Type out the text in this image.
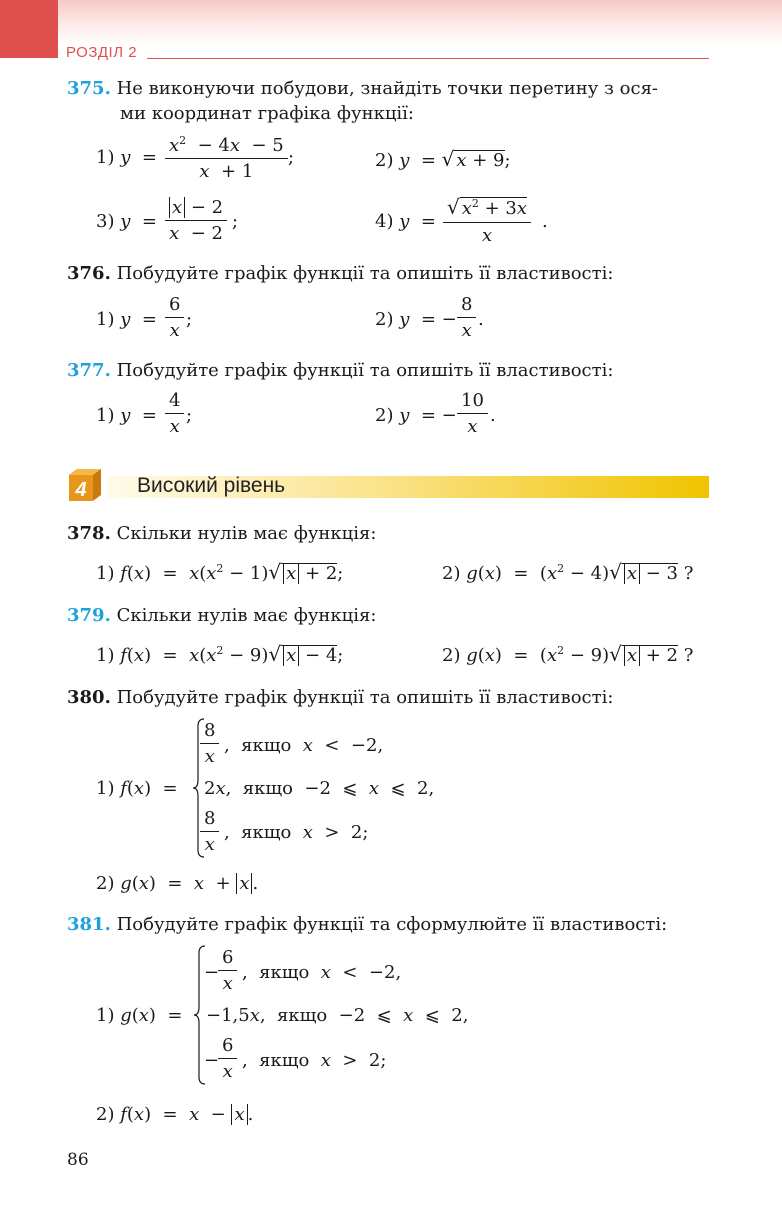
РОЗДІЛ 2
375. Не виконуючи побудови, знайдіть точки перетину з ося-
ми координат графіка функції:
1) $y = \frac{x^2 - 4x - 5}{x + 1}$ ;	2) y  = √ x + 9;
3) $y = \frac{x - 2}{x - 2}$ ;	4) $y = \frac{√ x^2 + 3x}{x}$ .
376. Побудуйте графік функції та опишіть її властивості:
1) $y = \frac{6}{x}$ ;	2) y  = − $\frac{8}{x}$ .
377. Побудуйте графік функції та опишіть її властивості:
1) $y = \frac{4}{x}$ ;	2) y  = − $\frac{10}{x}$ .
4 Високий рівень
378. Скільки нулів має функція:
1) $f(x) = x(x^2 - 1)√$ x + 2;	2) $g(x) = (x^2 - 4)√$ x − 3 ?
379. Скільки нулів має функція:
1) $f(x) = x(x^2 - 9)√$ x − 4;	2) $g(x) = (x^2 - 9)√$ x + 2 ?
380. Побудуйте графік функції та опишіть її властивості:
1) f(x)  =
$\frac{8}{x}$ ,  якщо  x  <  −2,
2x,  якщо  −2  ⩽  x  ⩽  2,
$\frac{8}{x}$ ,  якщо  x  >  2;
2) g(x)  =  x  + x .
381. Побудуйте графік функції та сформулюйте її властивості:
1) g(x)  =
−
$\frac{6}{x}$ ,  якщо  x  <  −2,
−1,5x,  якщо  −2  ⩽  x  ⩽  2,
−
$\frac{6}{x}$ ,  якщо  x  >  2;
2) f(x)  =  x  − x .
86
